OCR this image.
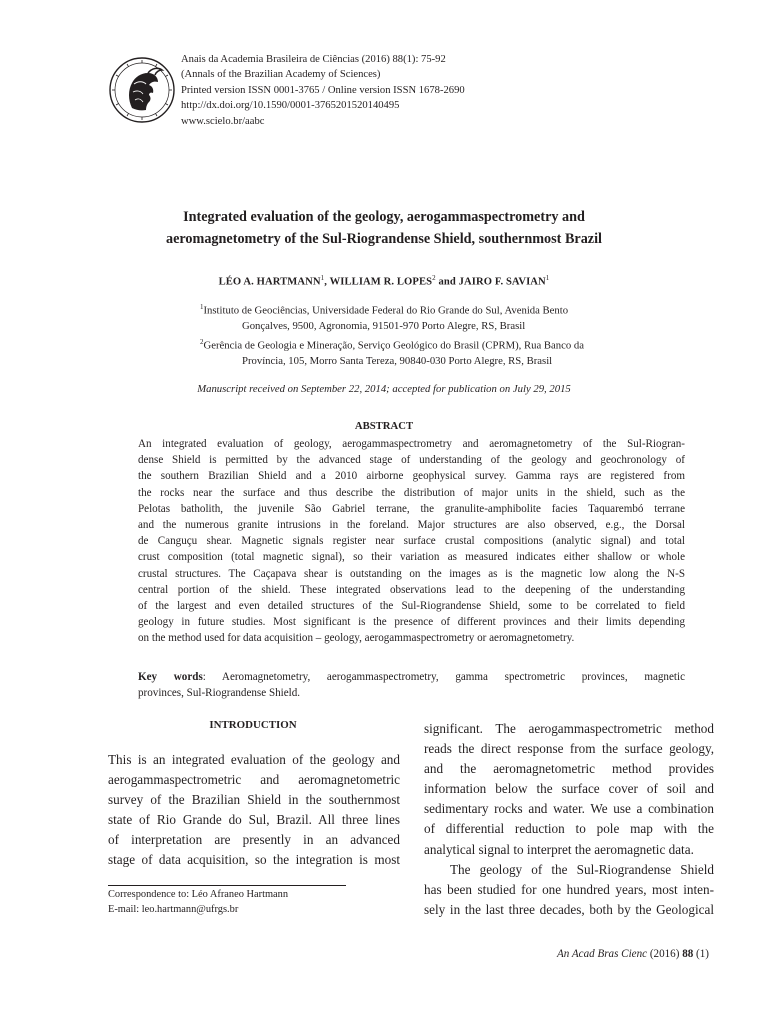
Anais da Academia Brasileira de Ciências (2016) 88(1): 75-92
(Annals of the Brazilian Academy of Sciences)
Printed version ISSN 0001-3765 / Online version ISSN 1678-2690
http://dx.doi.org/10.1590/0001-3765201520140495
www.scielo.br/aabc
Integrated evaluation of the geology, aerogammaspectrometry and
aeromagnetometry of the Sul-Riograndense Shield, southernmost Brazil
LÉO A. HARTMANN$^1$, WILLIAM R. LOPES$^2$ and JAIRO F. SAVIAN$^1$
$^1$Instituto de Geociências, Universidade Federal do Rio Grande do Sul, Avenida Bento
Gonçalves, 9500, Agronomia, 91501-970 Porto Alegre, RS, Brasil
$^2$Gerência de Geologia e Mineração, Serviço Geológico do Brasil (CPRM), Rua Banco da
Província, 105, Morro Santa Tereza, 90840-030 Porto Alegre, RS, Brasil
Manuscript received on September 22, 2014; accepted for publication on July 29, 2015
ABSTRACT
An integrated evaluation of geology, aerogammaspectrometry and aeromagnetometry of the Sul-Riogran-
dense Shield is permitted by the advanced stage of understanding of the geology and geochronology of
the southern Brazilian Shield and a 2010 airborne geophysical survey. Gamma rays are registered from
the rocks near the surface and thus describe the distribution of major units in the shield, such as the
Pelotas batholith, the juvenile São Gabriel terrane, the granulite-amphibolite facies Taquarembó terrane
and the numerous granite intrusions in the foreland. Major structures are also observed, e.g., the Dorsal
de Canguçu shear. Magnetic signals register near surface crustal compositions (analytic signal) and total
crust composition (total magnetic signal), so their variation as measured indicates either shallow or whole
crustal structures. The Caçapava shear is outstanding on the images as is the magnetic low along the N-S
central portion of the shield. These integrated observations lead to the deepening of the understanding
of the largest and even detailed structures of the Sul-Riograndense Shield, some to be correlated to field
geology in future studies. Most significant is the presence of different provinces and their limits depending
on the method used for data acquisition – geology, aerogammaspectrometry or aeromagnetometry.
Key words: Aeromagnetometry, aerogammaspectrometry, gamma spectrometric provinces, magnetic
provinces, Sul-Riograndense Shield.
INTRODUCTION
This is an integrated evaluation of the geology and
aerogammaspectrometric and aeromagnetometric
survey of the Brazilian Shield in the southernmost
state of Rio Grande do Sul, Brazil. All three lines
of interpretation are presently in an advanced
stage of data acquisition, so the integration is most
significant. The aerogammaspectrometric method
reads the direct response from the surface geology,
and the aeromagnetometric method provides
information below the surface cover of soil and
sedimentary rocks and water. We use a combination
of differential reduction to pole map with the
analytical signal to interpret the aeromagnetic data.
The geology of the Sul-Riograndense Shield
has been studied for one hundred years, most inten-
sely in the last three decades, both by the Geological
Correspondence to: Léo Afraneo Hartmann
E-mail: leo.hartmann@ufrgs.br
An Acad Bras Cienc (2016) 88 (1)
